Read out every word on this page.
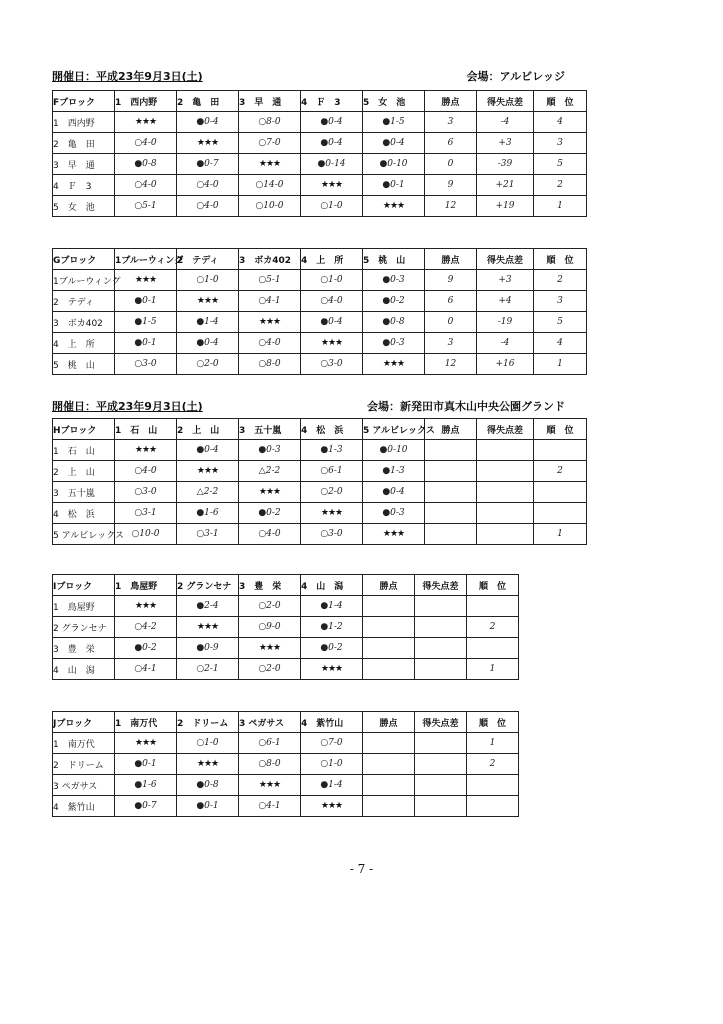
開催日：平成23年9月3日(土)	会場：アルビレッジ
Fブロック	1　西内野	2　亀　田	3　早　通	4　Ｆ　3	5　女　池	勝点	得失点差	順　位
1　西内野	★★★	●0-4	○8-0	●0-4	●1-5	3	-4	4
2　亀　田	○4-0	★★★	○7-0	●0-4	●0-4	6	+3	3
3　早　通	●0-8	●0-7	★★★	●0-14	●0-10	0	-39	5
4　Ｆ　3	○4-0	○4-0	○14-0	★★★	●0-1	9	+21	2
5　女　池	○5-1	○4-0	○10-0	○1-0	★★★	12	+19	1
Gブロック	1ブルーウィング	2　テディ	3　ボカ402	4　上　所	5　桃　山	勝点	得失点差	順　位
1ブルーウィング	★★★	○1-0	○5-1	○1-0	●0-3	9	+3	2
2　テディ	●0-1	★★★	○4-1	○4-0	●0-2	6	+4	3
3　ボカ402	●1-5	●1-4	★★★	●0-4	●0-8	0	-19	5
4　上　所	●0-1	●0-4	○4-0	★★★	●0-3	3	-4	4
5　桃　山	○3-0	○2-0	○8-0	○3-0	★★★	12	+16	1
開催日：平成23年9月3日(土)	会場：新発田市真木山中央公園グランド
Hブロック	1　石　山	2　上　山	3　五十嵐	4　松　浜	5 アルビレックス	勝点	得失点差	順　位
1　石　山	★★★	●0-4	●0-3	●1-3	●0-10			
2　上　山	○4-0	★★★	△2-2	○6-1	●1-3			2
3　五十嵐	○3-0	△2-2	★★★	○2-0	●0-4			
4　松　浜	○3-1	●1-6	●0-2	★★★	●0-3			
5 アルビレックス	○10-0	○3-1	○4-0	○3-0	★★★			1
Iブロック	1　鳥屋野	2 グランセナ	3　豊　栄	4　山　潟	勝点	得失点差	順　位
1　鳥屋野	★★★	●2-4	○2-0	●1-4			
2 グランセナ	○4-2	★★★	○9-0	●1-2			2
3　豊　栄	●0-2	●0-9	★★★	●0-2			
4　山　潟	○4-1	○2-1	○2-0	★★★			1
Jブロック	1　南万代	2　ドリーム	3 ペガサス	4　紫竹山	勝点	得失点差	順　位
1　南万代	★★★	○1-0	○6-1	○7-0			1
2　ドリーム	●0-1	★★★	○8-0	○1-0			2
3 ペガサス	●1-6	●0-8	★★★	●1-4			
4　紫竹山	●0-7	●0-1	○4-1	★★★			
- 7 -
